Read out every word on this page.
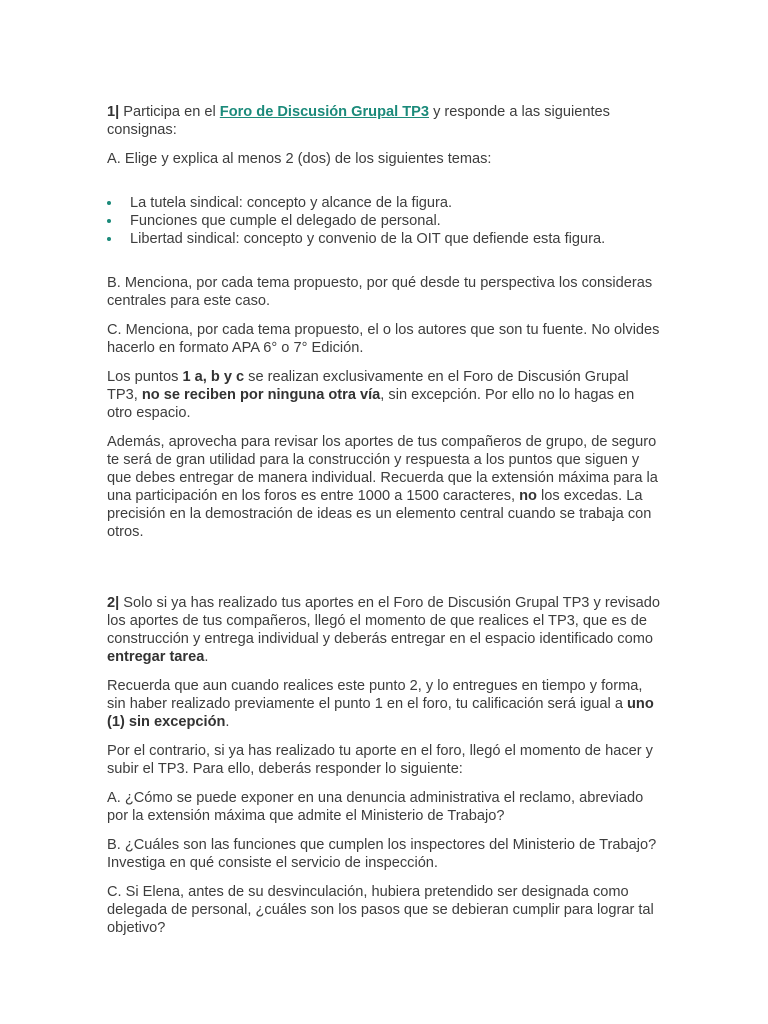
1| Participa en el Foro de Discusión Grupal TP3 y responde a las siguientes consignas:

A. Elige y explica al menos 2 (dos) de los siguientes temas:

La tutela sindical: concepto y alcance de la figura.
Funciones que cumple el delegado de personal.
Libertad sindical: concepto y convenio de la OIT que defiende esta figura.

B. Menciona, por cada tema propuesto, por qué desde tu perspectiva los consideras centrales para este caso.

C. Menciona, por cada tema propuesto, el o los autores que son tu fuente. No olvides hacerlo en formato APA 6° o 7° Edición.

Los puntos 1 a, b y c se realizan exclusivamente en el Foro de Discusión Grupal TP3, no se reciben por ninguna otra vía, sin excepción. Por ello no lo hagas en otro espacio.

Además, aprovecha para revisar los aportes de tus compañeros de grupo, de seguro te será de gran utilidad para la construcción y respuesta a los puntos que siguen y que debes entregar de manera individual. Recuerda que la extensión máxima para la una participación en los foros es entre 1000 a 1500 caracteres, no los excedas. La precisión en la demostración de ideas es un elemento central cuando se trabaja con otros.

2| Solo si ya has realizado tus aportes en el Foro de Discusión Grupal TP3 y revisado los aportes de tus compañeros, llegó el momento de que realices el TP3, que es de construcción y entrega individual y deberás entregar en el espacio identificado como entregar tarea.

Recuerda que aun cuando realices este punto 2, y lo entregues en tiempo y forma, sin haber realizado previamente el punto 1 en el foro, tu calificación será igual a uno (1) sin excepción.

Por el contrario, si ya has realizado tu aporte en el foro, llegó el momento de hacer y subir el TP3. Para ello, deberás responder lo siguiente:

A. ¿Cómo se puede exponer en una denuncia administrativa el reclamo, abreviado por la extensión máxima que admite el Ministerio de Trabajo?

B. ¿Cuáles son las funciones que cumplen los inspectores del Ministerio de Trabajo? Investiga en qué consiste el servicio de inspección.

C. Si Elena, antes de su desvinculación, hubiera pretendido ser designada como delegada de personal, ¿cuáles son los pasos que se debieran cumplir para lograr tal objetivo?
